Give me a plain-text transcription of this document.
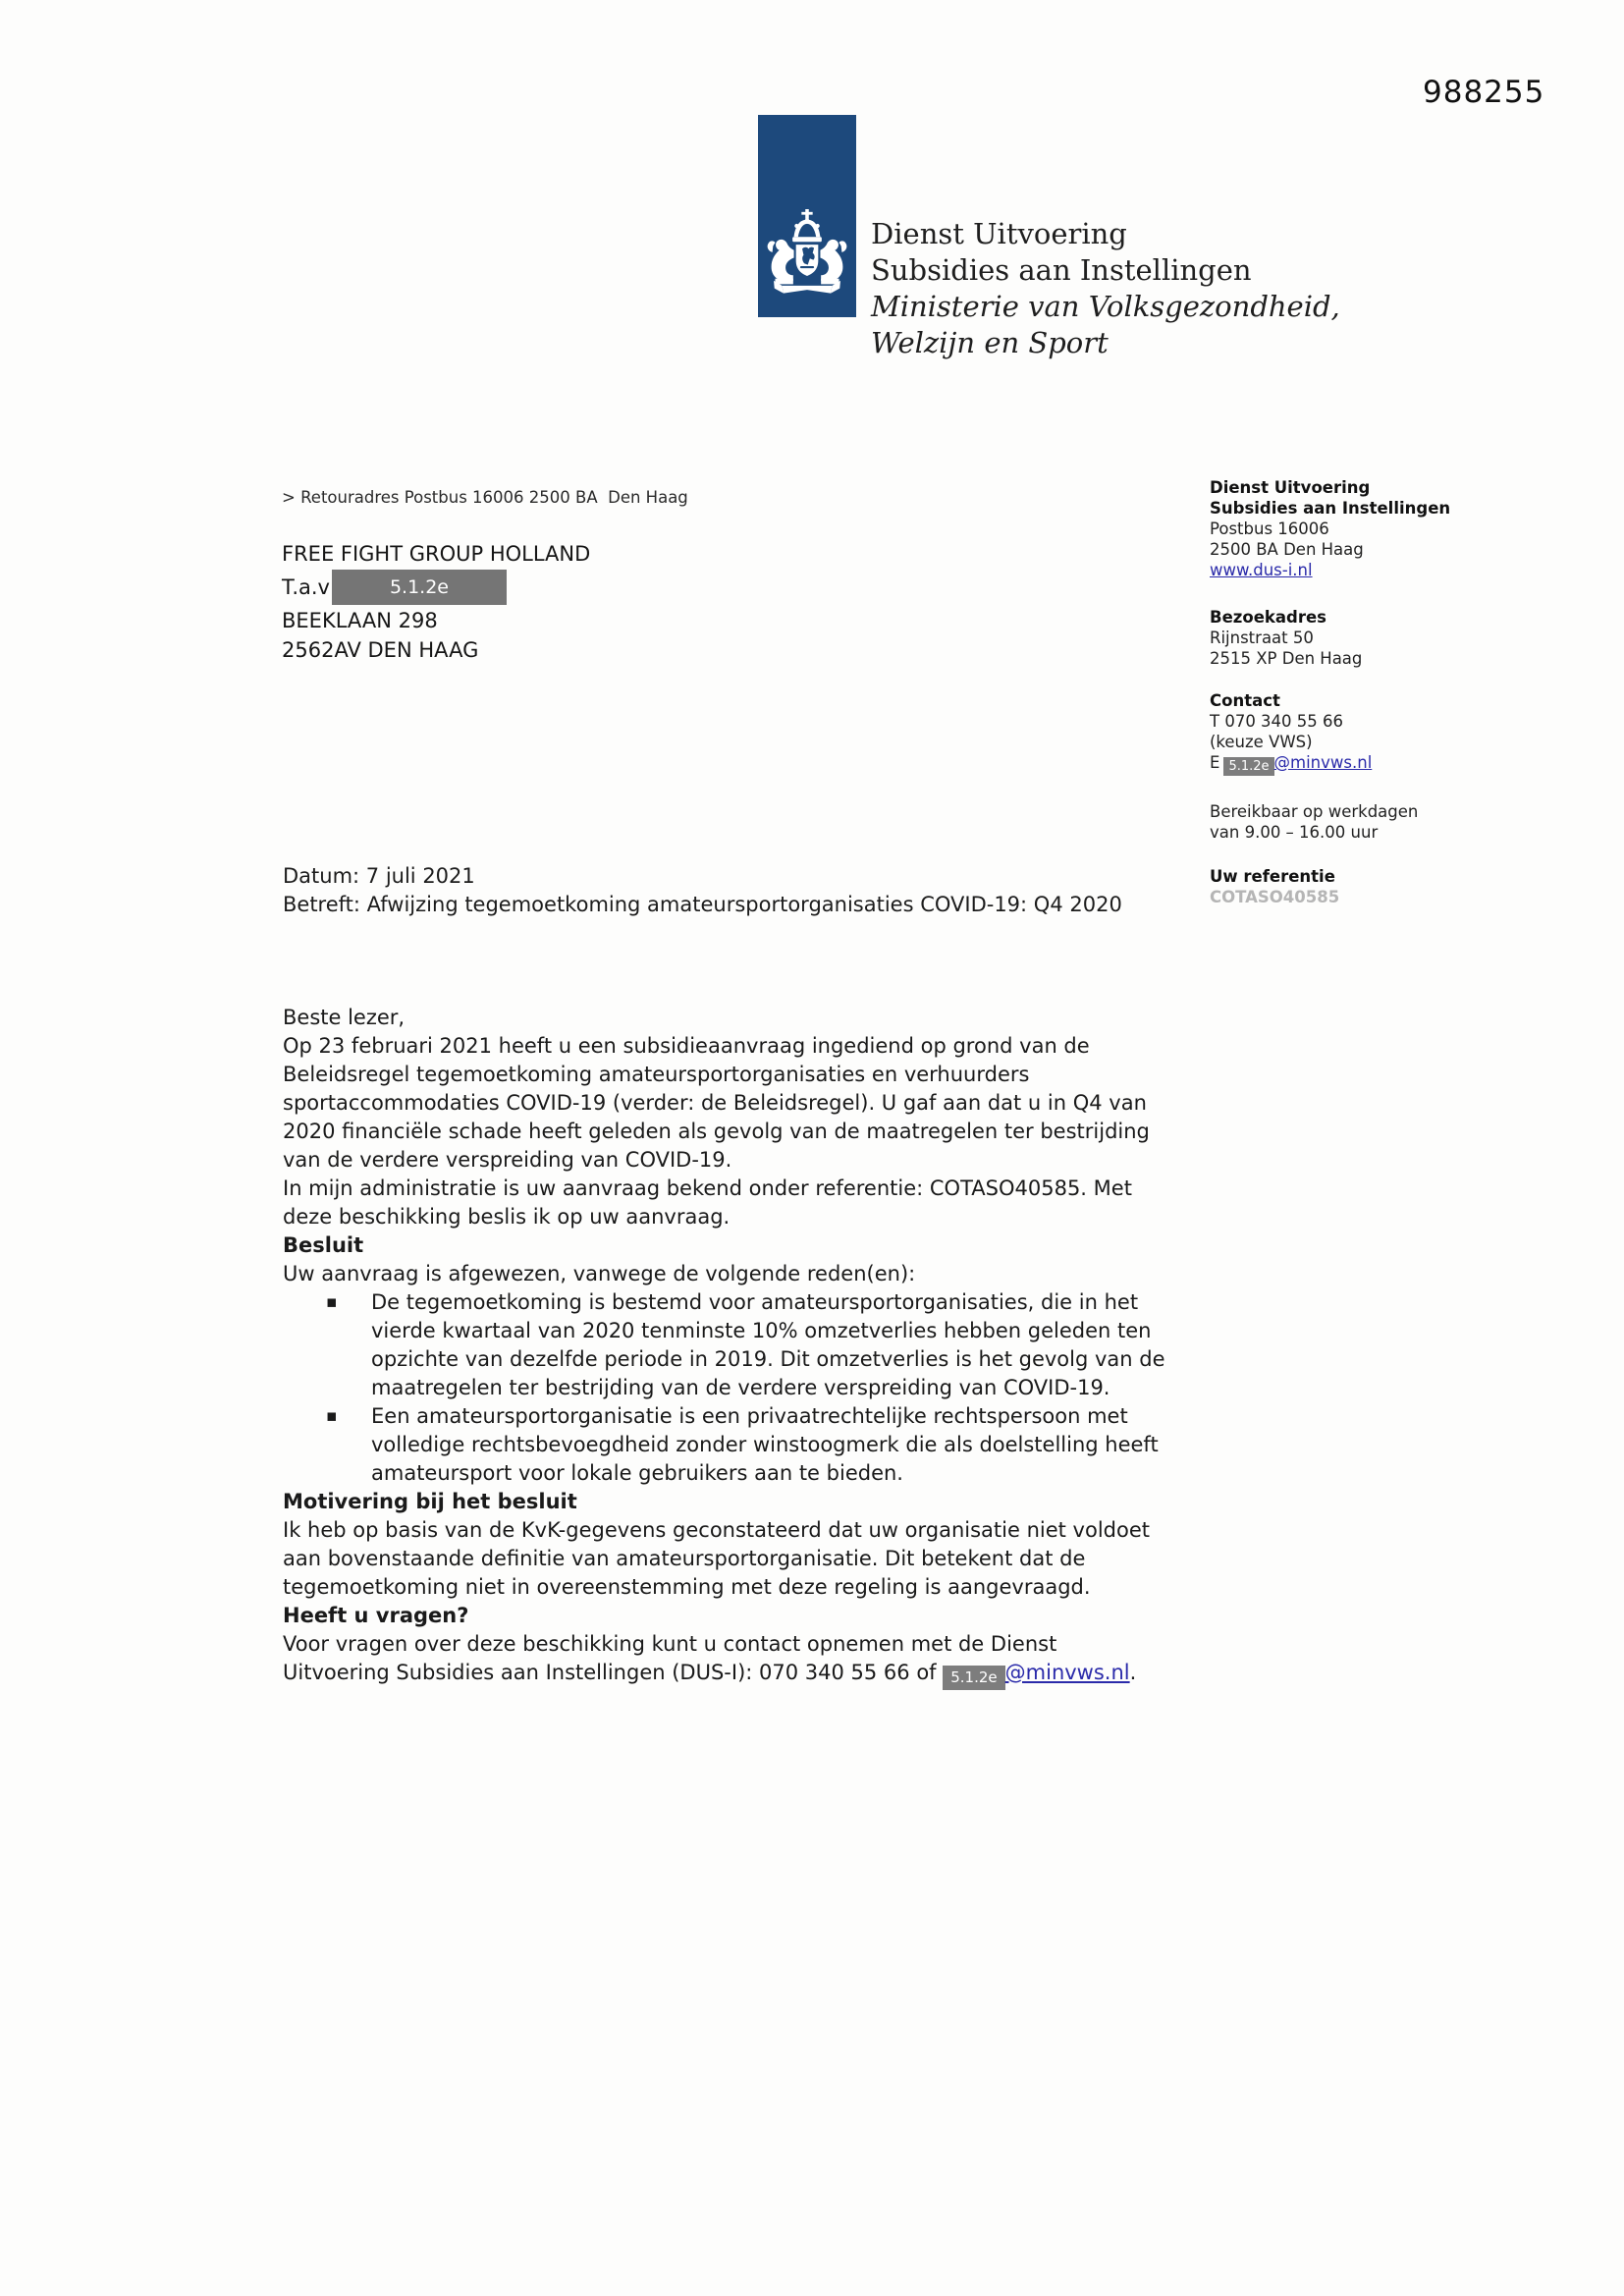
988255
Dienst Uitvoering
Subsidies aan Instellingen
Ministerie van Volksgezondheid,
Welzijn en Sport
> Retouradres Postbus 16006 2500 BA  Den Haag
FREE FIGHT GROUP HOLLAND
T.a.v	5.1.2e
BEEKLAAN 298
2562AV DEN HAAG
Dienst Uitvoering
Subsidies aan Instellingen
Postbus 16006
2500 BA Den Haag
www.dus-i.nl
Bezoekadres
Rijnstraat 50
2515 XP Den Haag
Contact
T 070 340 55 66
(keuze VWS)
E 5.1.2e @minvws.nl
Bereikbaar op werkdagen
van 9.00 – 16.00 uur
Uw referentie
COTASO40585
Datum: 7 juli 2021
Betreft: Afwijzing tegemoetkoming amateursportorganisaties COVID-19: Q4 2020

Beste lezer,

Op 23 februari 2021 heeft u een subsidieaanvraag ingediend op grond van de Beleidsregel tegemoetkoming amateursportorganisaties en verhuurders sportaccommodaties COVID-19 (verder: de Beleidsregel). U gaf aan dat u in Q4 van 2020 financiële schade heeft geleden als gevolg van de maatregelen ter bestrijding van de verdere verspreiding van COVID-19.

In mijn administratie is uw aanvraag bekend onder referentie: COTASO40585. Met deze beschikking beslis ik op uw aanvraag.

Besluit

Uw aanvraag is afgewezen, vanwege de volgende reden(en):

▪ De tegemoetkoming is bestemd voor amateursportorganisaties, die in het vierde kwartaal van 2020 tenminste 10% omzetverlies hebben geleden ten opzichte van dezelfde periode in 2019. Dit omzetverlies is het gevolg van de maatregelen ter bestrijding van de verdere verspreiding van COVID-19.
▪ Een amateursportorganisatie is een privaatrechtelijke rechtspersoon met volledige rechtsbevoegdheid zonder winstoogmerk die als doelstelling heeft amateursport voor lokale gebruikers aan te bieden.

Motivering bij het besluit

Ik heb op basis van de KvK-gegevens geconstateerd dat uw organisatie niet voldoet aan bovenstaande definitie van amateursportorganisatie. Dit betekent dat de tegemoetkoming niet in overeenstemming met deze regeling is aangevraagd.

Heeft u vragen?

Voor vragen over deze beschikking kunt u contact opnemen met de Dienst Uitvoering Subsidies aan Instellingen (DUS-I): 070 340 55 66 of 5.1.2e @minvws.nl.
